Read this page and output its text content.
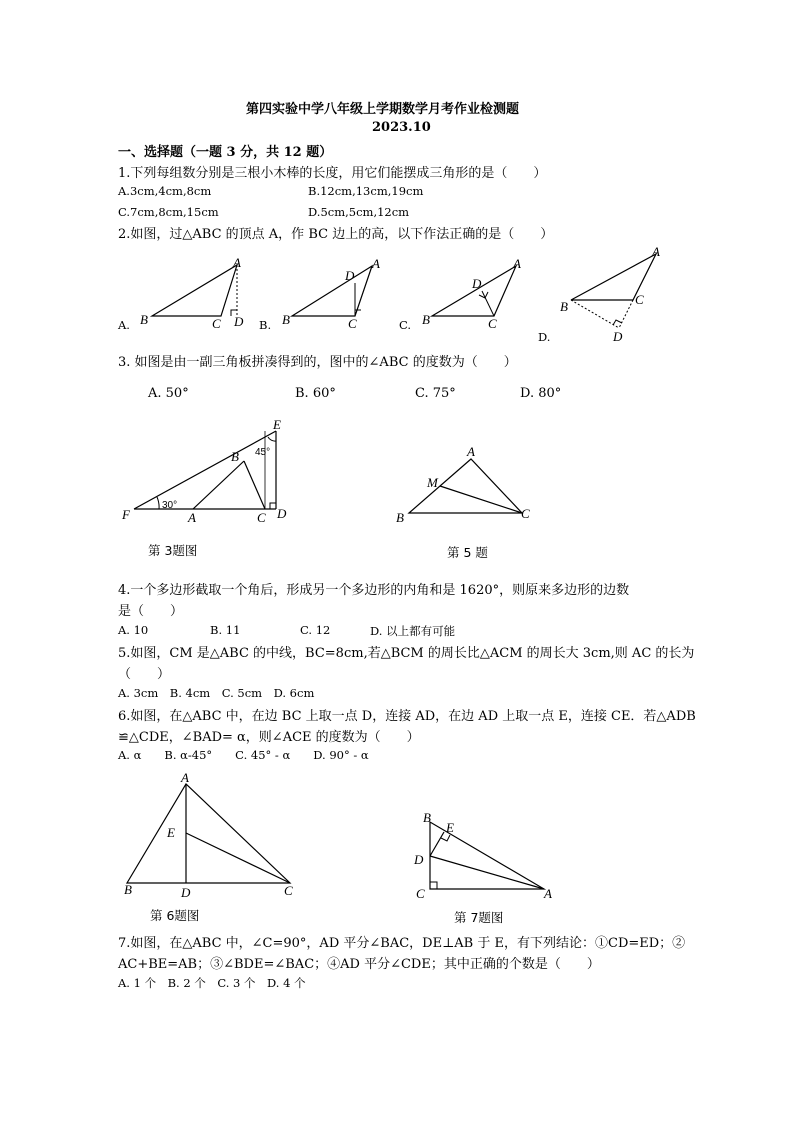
第四实验中学八年级上学期数学月考作业检测题
2023.10
一、选择题（一题 3 分，共 12 题）
1.下列每组数分别是三根小木棒的长度，用它们能摆成三角形的是（　　）
A.3cm,4cm,8cm	B.12cm,13cm,19cm
C.7cm,8cm,15cm	D.5cm,5cm,12cm
2.如图，过△ABC 的顶点 A，作 BC 边上的高，以下作法正确的是（　　）
A. B
A
C D B. B
A
D
C	C. B
A
D
C
D.
B
A
C
D
3. 如图是由一副三角板拼凑得到的，图中的∠ABC 的度数为（　　）
A. 50°	B. 60°	C. 75°	D. 80°
F	A
B
C D
E
30°
45°
第 3题图
A
M
B	C
第 5 题
4.一个多边形截取一个角后，形成另一个多边形的内角和是 1620°，则原来多边形的边数
是（　　）
A. 10	B. 11	C. 12	D. 以上都有可能
5.如图，CM 是△ABC 的中线，BC=8cm,若△BCM 的周长比△ACM 的周长大 3cm,则 AC 的长为
（　　）
A. 3cm　B. 4cm　C. 5cm　D. 6cm
6.如图，在△ABC 中，在边 BC 上取一点 D，连接 AD，在边 AD 上取一点 E，连接 CE．若△ADB
≌△CDE，∠BAD= α，则∠ACE 的度数为（　　）
A. α　　B. α-45°　　C. 45° - α　　D. 90° - α
A
E
B	D	C
第 6题图
B
E
D
C	A
第 7题图
7.如图，在△ABC 中，∠C=90°，AD 平分∠BAC，DE⊥AB 于 E，有下列结论：①CD=ED；②
AC+BE=AB；③∠BDE=∠BAC；④AD 平分∠CDE；其中正确的个数是（　　）
A. 1 个　B. 2 个　C. 3 个　D. 4 个
